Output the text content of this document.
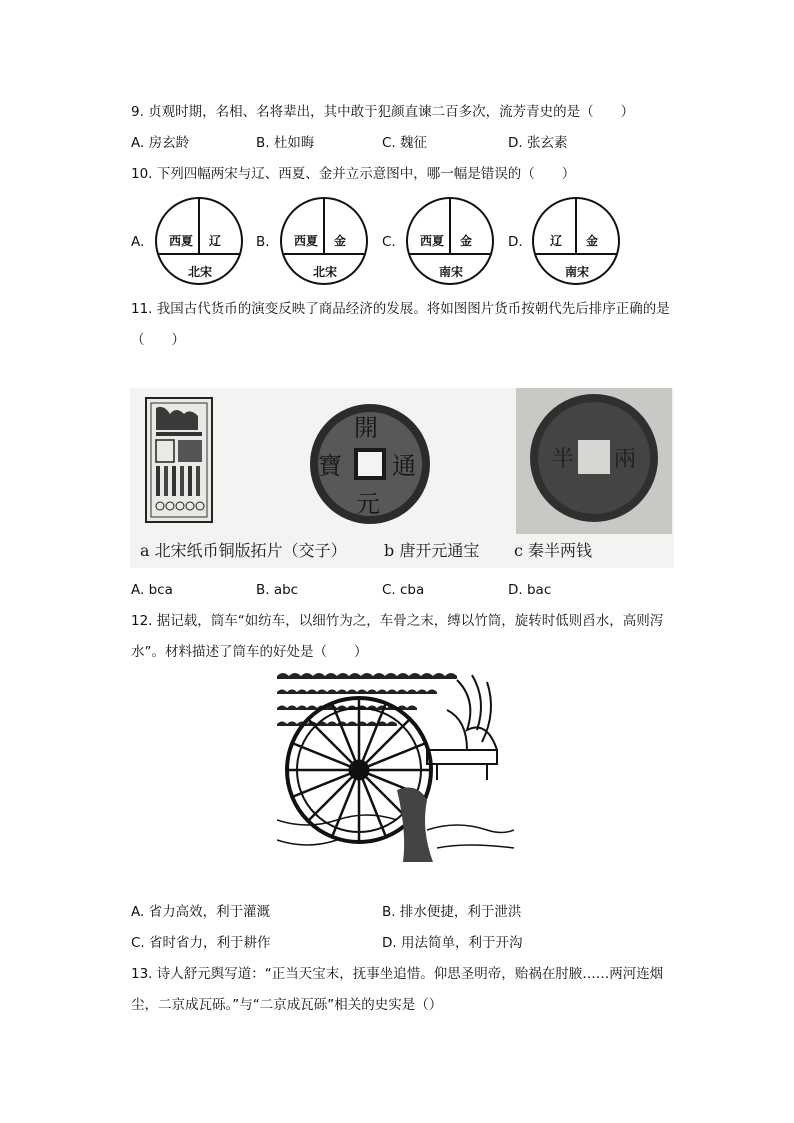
9. 贞观时期，名相、名将辈出，其中敢于犯颜直谏二百多次，流芳青史的是（　　）
A. 房玄龄	B. 杜如晦	C. 魏征	D. 张玄素
10. 下列四幅两宋与辽、西夏、金并立示意图中，哪一幅是错误的（　　）
A. 西夏 辽
北宋
B. 西夏 金
北宋
C. 西夏 金
南宋
D. 辽 金
南宋
11. 我国古代货币的演变反映了商品经济的发展。将如图图片货币按朝代先后排序正确的是
（　　）
開
通
寶
元
半 兩
a 北宋纸币铜版拓片（交子） b 唐开元通宝 c 秦半两钱
A. bca	B. abc	C. cba	D. bac
12. 据记载，筒车“如纺车，以细竹为之，车骨之末，缚以竹筒，旋转时低则舀水，高则泻
水”。材料描述了筒车的好处是（　　）
A. 省力高效，利于灌溉	B. 排水便捷，利于泄洪
C. 省时省力，利于耕作	D. 用法简单，利于开沟
13. 诗人舒元舆写道：“正当天宝末，抚事坐追惜。仰思圣明帝，贻祸在肘腋……两河连烟
尘，二京成瓦砾。”与“二京成瓦砾”相关的史实是（）
